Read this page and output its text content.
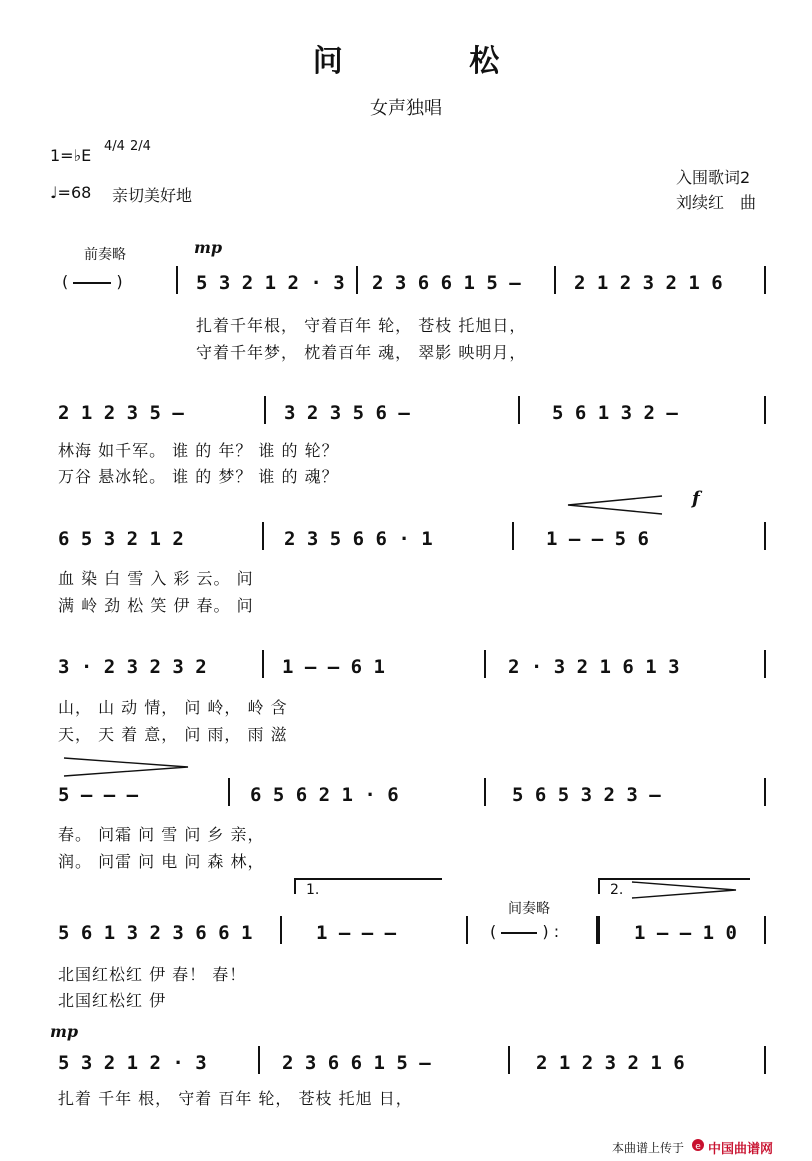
问 松
女声独唱
1=♭E 4/4 2/4
♩=68 亲切美好地
入围歌词2
刘续红　曲
前奏略
(  )
mp
5 3 2 1 2 · 3 2 3 6 6 1 5 –	2 1 2 3 2 1 6
扎着千年根， 守着百年 轮， 苍枝 托旭日，
守着千年梦， 枕着百年 魂， 翠影 映明月，
2 1 2 3 5 –	3 2 3 5 6 –	5 6 1 3 2 –
林海 如千军。 谁 的 年？ 谁 的 轮？
万谷 悬冰轮。 谁 的 梦？ 谁 的 魂？
f
6 5 3 2 1 2	2 3 5 6 6 · 1	1 – – 5 6
血 染 白 雪 入 彩 云。 问
满 岭 劲 松 笑 伊 春。 问
3 · 2 3 2 3 2	1 – – 6 1	2 · 3 2 1 6 1 3
山， 山 动 情， 问 岭， 岭 含
天， 天 着 意， 问 雨， 雨 滋
5 – – –	6 5 6 2 1 · 6	5 6 5 3 2 3 –
春。 问霜 问 雪 问 乡 亲，
润。 问雷 问 电 问 森 林，
1.	2.
间奏略
(  ) :
5 6 1 3 2 3 6 6 1	1 – – –	1 – – 1 0
北国红松红 伊 春！ 春！
北国红松红 伊
mp
5 3 2 1 2 · 3	2 3 6 6 1 5 –	2 1 2 3 2 1 6
扎着 千年 根， 守着 百年 轮， 苍枝 托旭 日，
本曲谱上传于 e 中国曲谱网
